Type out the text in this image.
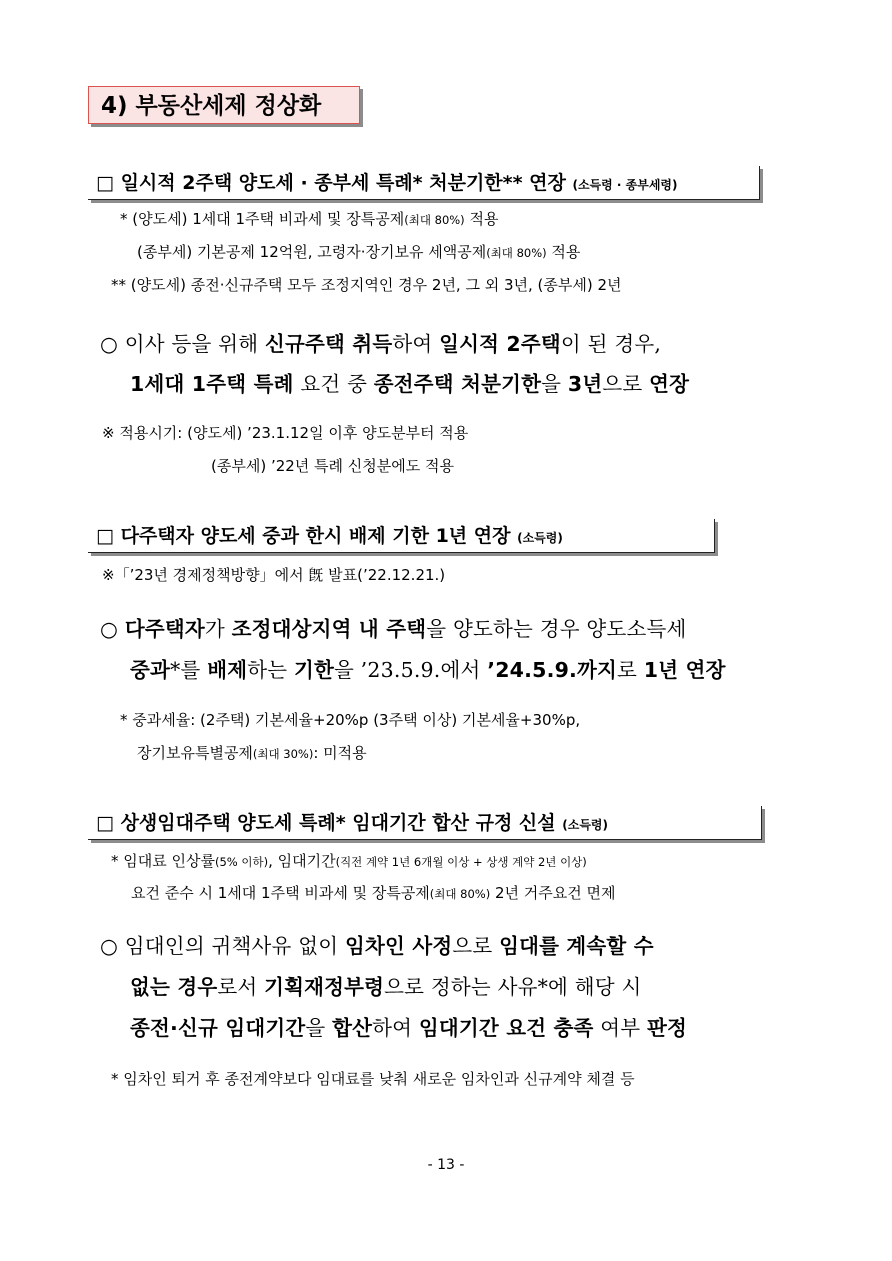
4) 부동산세제 정상화
□ 일시적 2주택 양도세 · 종부세 특례* 처분기한** 연장 (소득령 · 종부세령)
* (양도세) 1세대 1주택 비과세 및 장특공제(최대 80%) 적용
(종부세) 기본공제 12억원, 고령자·장기보유 세액공제(최대 80%) 적용
** (양도세) 종전·신규주택 모두 조정지역인 경우 2년, 그 외 3년, (종부세) 2년
○ 이사 등을 위해 신규주택 취득하여 일시적 2주택이 된 경우,
1세대 1주택 특례 요건 중 종전주택 처분기한을 3년으로 연장
※ 적용시기: (양도세) ’23.1.12일 이후 양도분부터 적용
(종부세) ’22년 특례 신청분에도 적용
□ 다주택자 양도세 중과 한시 배제 기한 1년 연장 (소득령)
※「’23년 경제정책방향」에서 旣 발표(’22.12.21.)
○ 다주택자가 조정대상지역 내 주택을 양도하는 경우 양도소득세
중과*를 배제하는 기한을 ’23.5.9.에서 ’24.5.9.까지로 1년 연장
* 중과세율: (2주택) 기본세율+20%p (3주택 이상) 기본세율+30%p,
장기보유특별공제(최대 30%): 미적용
□ 상생임대주택 양도세 특례* 임대기간 합산 규정 신설 (소득령)
* 임대료 인상률(5% 이하), 임대기간(직전 계약 1년 6개월 이상 + 상생 계약 2년 이상)
요건 준수 시 1세대 1주택 비과세 및 장특공제(최대 80%) 2년 거주요건 면제
○ 임대인의 귀책사유 없이 임차인 사정으로 임대를 계속할 수
없는 경우로서 기획재정부령으로 정하는 사유*에 해당 시
종전·신규 임대기간을 합산하여 임대기간 요건 충족 여부 판정
* 임차인 퇴거 후 종전계약보다 임대료를 낮춰 새로운 임차인과 신규계약 체결 등
- 13 -
